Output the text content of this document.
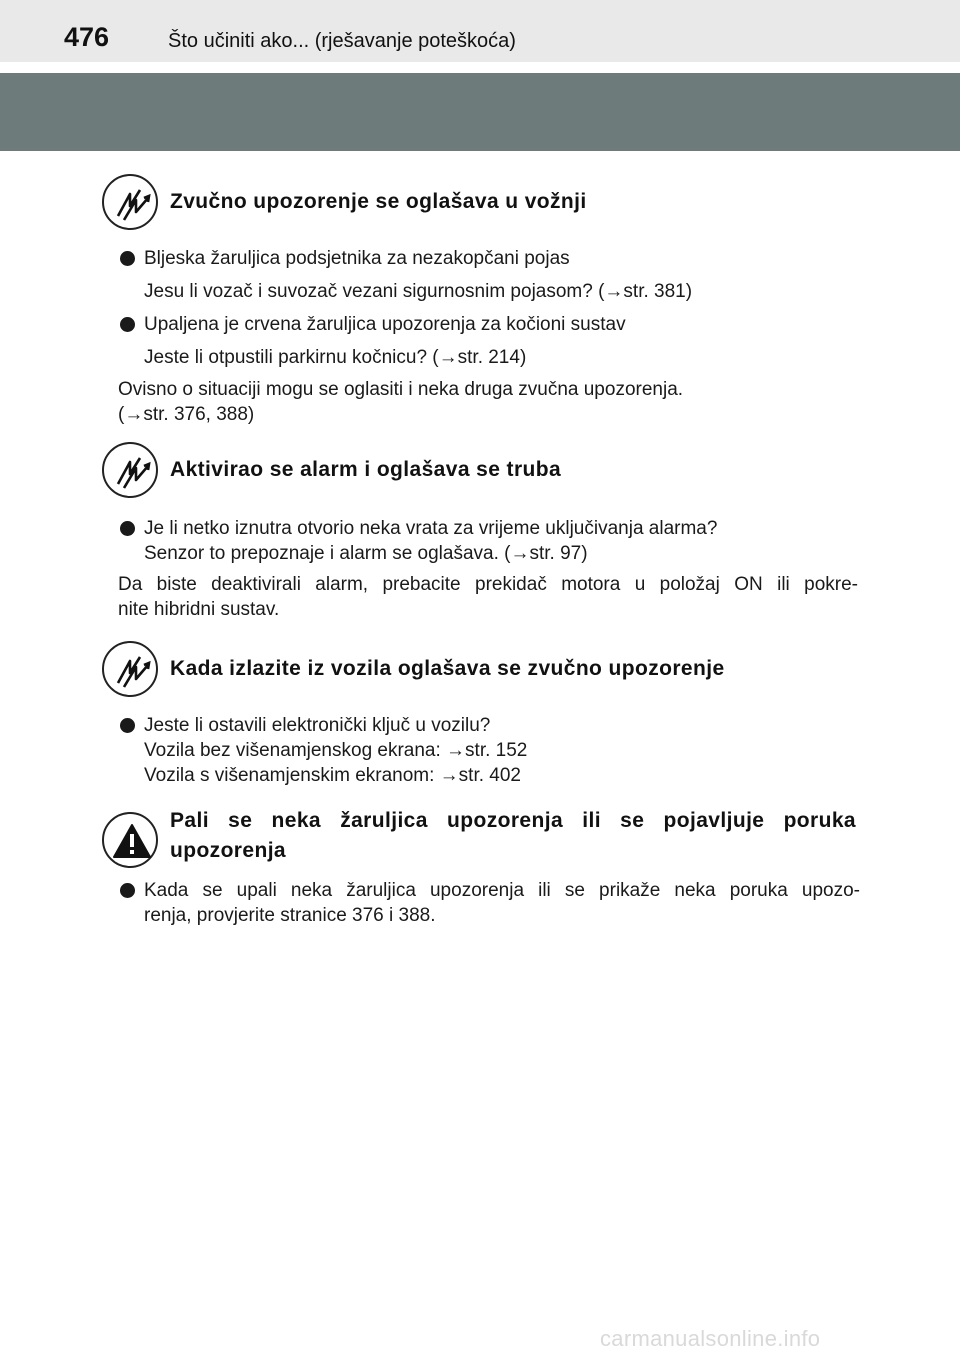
476	Što učiniti ako... (rješavanje poteškoća)
Zvučno upozorenje se oglašava u vožnji
Bljeska žaruljica podsjetnika za nezakopčani pojas
Jesu li vozač i suvozač vezani sigurnosnim pojasom? (→str. 381)
Upaljena je crvena žaruljica upozorenja za kočioni sustav
Jeste li otpustili parkirnu kočnicu? (→str. 214)
Ovisno o situaciji mogu se oglasiti i neka druga zvučna upozorenja.
(→str. 376, 388)
Aktivirao se alarm i oglašava se truba
Je li netko iznutra otvorio neka vrata za vrijeme uključivanja alarma?
Senzor to prepoznaje i alarm se oglašava. (→str. 97)
Da biste deaktivirali alarm, prebacite prekidač motora u položaj ON ili pokre-
nite hibridni sustav.
Kada izlazite iz vozila oglašava se zvučno upozorenje
Jeste li ostavili elektronički ključ u vozilu?
Vozila bez višenamjenskog ekrana: →str. 152
Vozila s višenamjenskim ekranom: →str. 402
Pali se neka žaruljica upozorenja ili se pojavljuje poruka
upozorenja
Kada se upali neka žaruljica upozorenja ili se prikaže neka poruka upozo-
renja, provjerite stranice 376 i 388.
carmanualsonline.info
